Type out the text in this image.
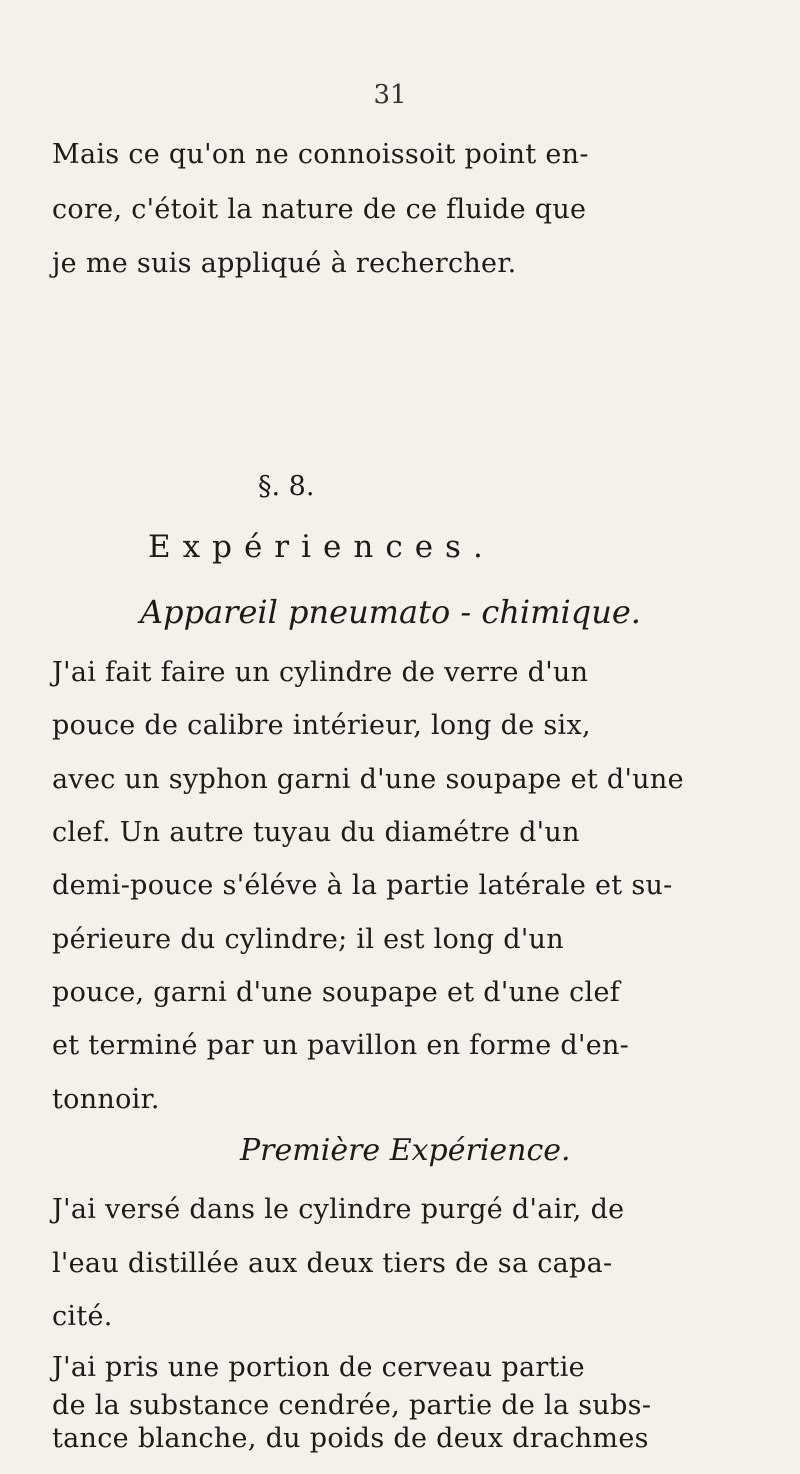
31
Mais ce qu'on ne connoissoit point en-
core, c'étoit la nature de ce fluide que
je me suis appliqué à rechercher.
§. 8.
Expériences.
Appareil pneumato - chimique.
J'ai fait faire un cylindre de verre d'un
pouce de calibre intérieur, long de six,
avec un syphon garni d'une soupape et d'une
clef. Un autre tuyau du diamétre d'un
demi-pouce s'éléve à la partie latérale et su-
périeure du cylindre; il est long d'un
pouce, garni d'une soupape et d'une clef
et terminé par un pavillon en forme d'en-
tonnoir.
Première Expérience.
J'ai versé dans le cylindre purgé d'air, de
l'eau distillée aux deux tiers de sa capa-
cité.
J'ai pris une portion de cerveau partie
de la substance cendrée, partie de la subs-
tance blanche, du poids de deux drachmes
